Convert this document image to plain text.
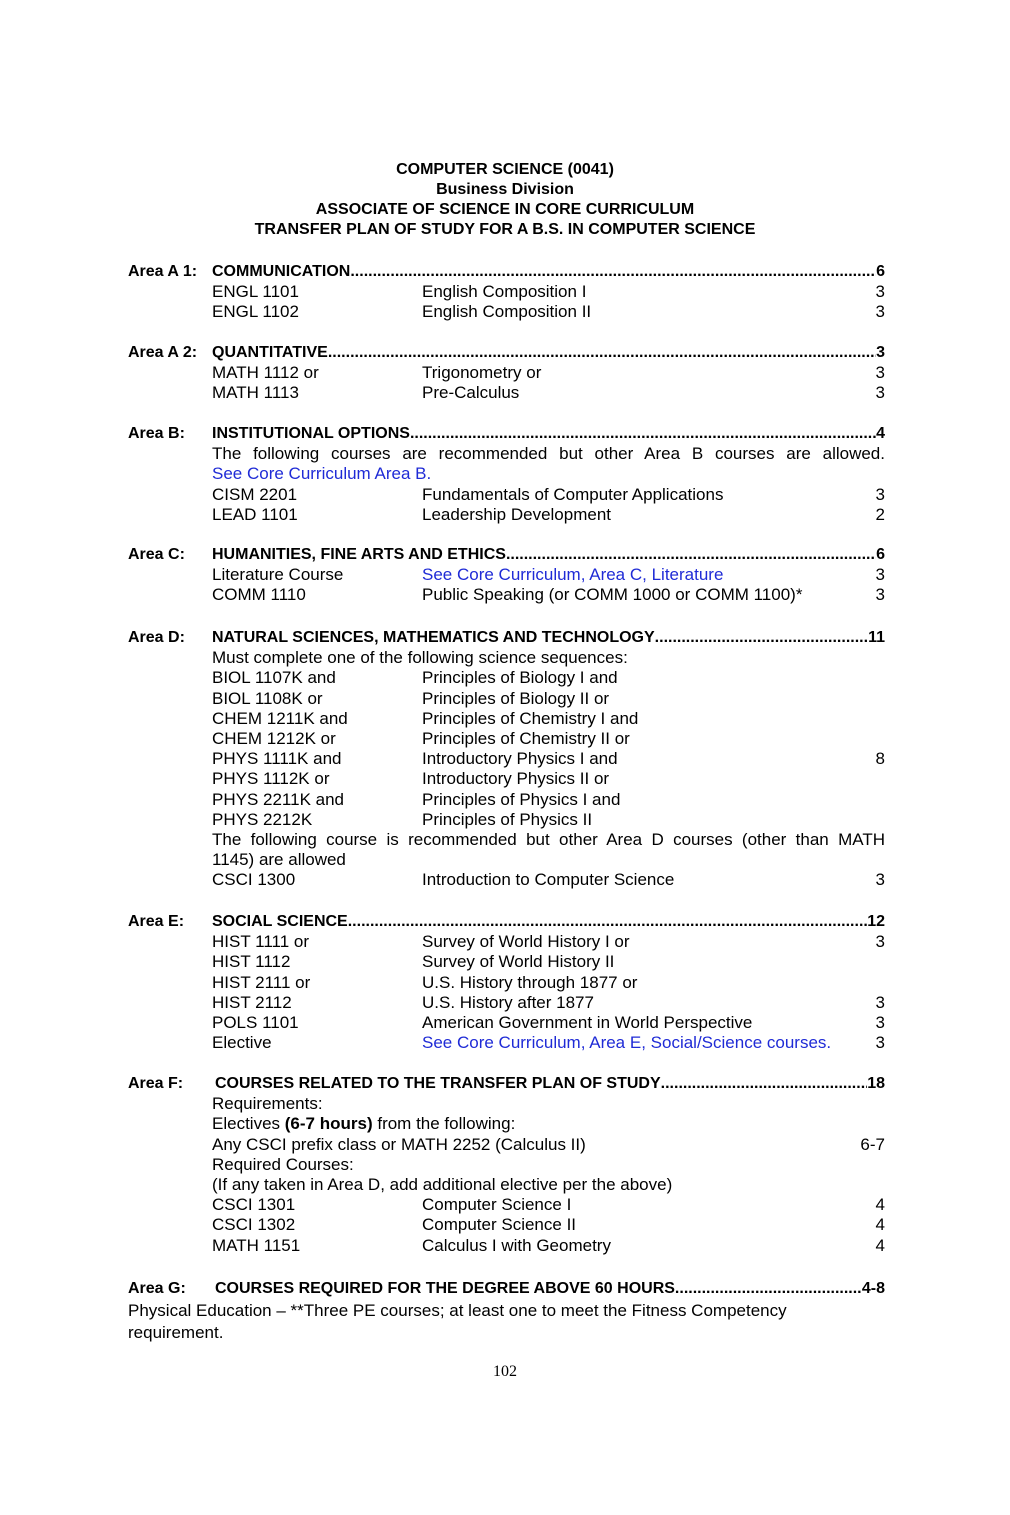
COMPUTER SCIENCE (0041)
Business Division
ASSOCIATE OF SCIENCE IN CORE CURRICULUM
TRANSFER PLAN OF STUDY FOR A B.S. IN COMPUTER SCIENCE
Area A 1: COMMUNICATION .....	6
ENGL 1101	English Composition I	3
ENGL 1102	English Composition II	3
Area A 2: QUANTITATIVE .....	3
MATH 1112 or	Trigonometry or	3
MATH 1113	Pre-Calculus	3
Area B: INSTITUTIONAL OPTIONS .....	4
The following courses are recommended but other Area B courses are allowed.
See Core Curriculum Area B.
CISM 2201	Fundamentals of Computer Applications	3
LEAD 1101	Leadership Development	2
Area C: HUMANITIES, FINE ARTS AND ETHICS .....	6
Literature Course	See Core Curriculum, Area C, Literature	3
COMM 1110	Public Speaking (or COMM 1000 or COMM 1100)*	3
Area D: NATURAL SCIENCES, MATHEMATICS AND TECHNOLOGY .....	11
Must complete one of the following science sequences:
BIOL 1107K and	Principles of Biology I and
BIOL 1108K or	Principles of Biology II or
CHEM 1211K and	Principles of Chemistry I and
CHEM 1212K or	Principles of Chemistry II or
PHYS 1111K and	Introductory Physics I and	8
PHYS 1112K or	Introductory Physics II or
PHYS 2211K and	Principles of Physics I and
PHYS 2212K	Principles of Physics II
The following course is recommended but other Area D courses (other than MATH
1145) are allowed
CSCI 1300	Introduction to Computer Science	3
Area E: SOCIAL SCIENCE .....	12
HIST 1111 or	Survey of World History I or	3
HIST 1112	Survey of World History II
HIST 2111 or	U.S. History through 1877 or
HIST 2112	U.S. History after 1877	3
POLS 1101	American Government in World Perspective	3
Elective	See Core Curriculum, Area E, Social/Science courses.	3
Area F: COURSES RELATED TO THE TRANSFER PLAN OF STUDY .....	18
Requirements:
Electives (6-7 hours) from the following:
Any CSCI prefix class or MATH 2252 (Calculus II)	6-7
Required Courses:
(If any taken in Area D, add additional elective per the above)
CSCI 1301	Computer Science I	4
CSCI 1302	Computer Science II	4
MATH 1151	Calculus I with Geometry	4
Area G: COURSES REQUIRED FOR THE DEGREE ABOVE 60 HOURS .....	4-8
Physical Education – **Three PE courses; at least one to meet the Fitness Competency requirement.
102
